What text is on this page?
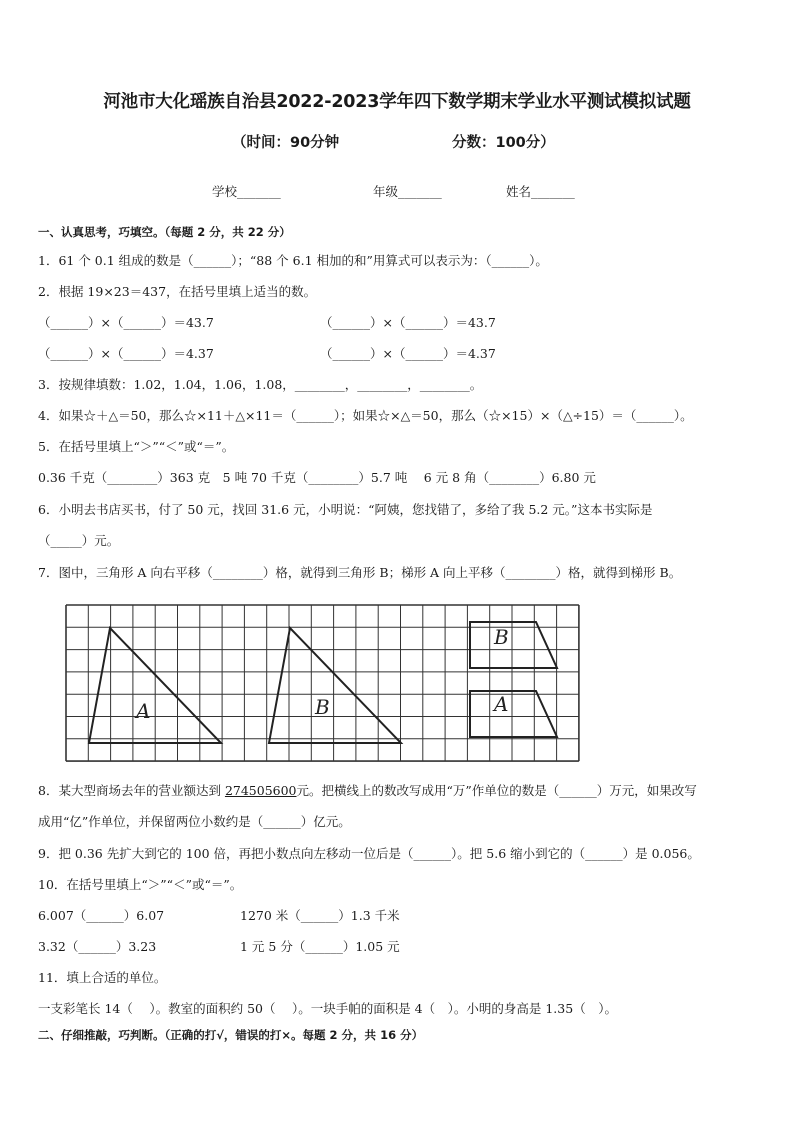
河池市大化瑶族自治县2022-2023学年四下数学期末学业水平测试模拟试题
（时间：90分钟	分数：100分）
学校_______	年级_______	姓名_______
一、认真思考，巧填空。（每题 2 分，共 22 分）
1．61 个 0.1 组成的数是（______）；“88 个 6.1 相加的和”用算式可以表示为：（______）。
2．根据 19×23＝437，在括号里填上适当的数。
（______）×（______）＝43.7	（______）×（______）＝43.7
（______）×（______）＝4.37	（______）×（______）＝4.37
3．按规律填数：1.02，1.04，1.06，1.08，________，________，________。
4．如果☆＋△＝50，那么☆×11＋△×11＝（______）；如果☆×△＝50，那么（☆×15）×（△÷15）＝（______）。
5．在括号里填上“＞”“＜”或“＝”。
0.36 千克（________）363 克　5 吨 70 千克（________）5.7 吨　 6 元 8 角（________）6.80 元
6．小明去书店买书，付了 50 元，找回 31.6 元，小明说：“阿姨，您找错了，多给了我 5.2 元。”这本书实际是
（_____）元。
7．图中，三角形 A 向右平移（________）格，就得到三角形 B；梯形 A 向上平移（________）格，就得到梯形 B。
A	B
B
A
8．某大型商场去年的营业额达到 274505600元。把横线上的数改写成用“万”作单位的数是（______）万元，如果改写
成用“亿”作单位，并保留两位小数约是（______）亿元。
9．把 0.36 先扩大到它的 100 倍，再把小数点向左移动一位后是（______）。把 5.6 缩小到它的（______）是 0.056。
10．在括号里填上“＞”“＜”或“＝”。
6.007（______）6.07	1270 米（______）1.3 千米
3.32（______）3.23	1 元 5 分（______）1.05 元
11．填上合适的单位。
一支彩笔长 14（　 ）。教室的面积约 50（　 ）。一块手帕的面积是 4（　）。小明的身高是 1.35（　）。
二、仔细推敲，巧判断。（正确的打√，错误的打×。每题 2 分，共 16 分）
